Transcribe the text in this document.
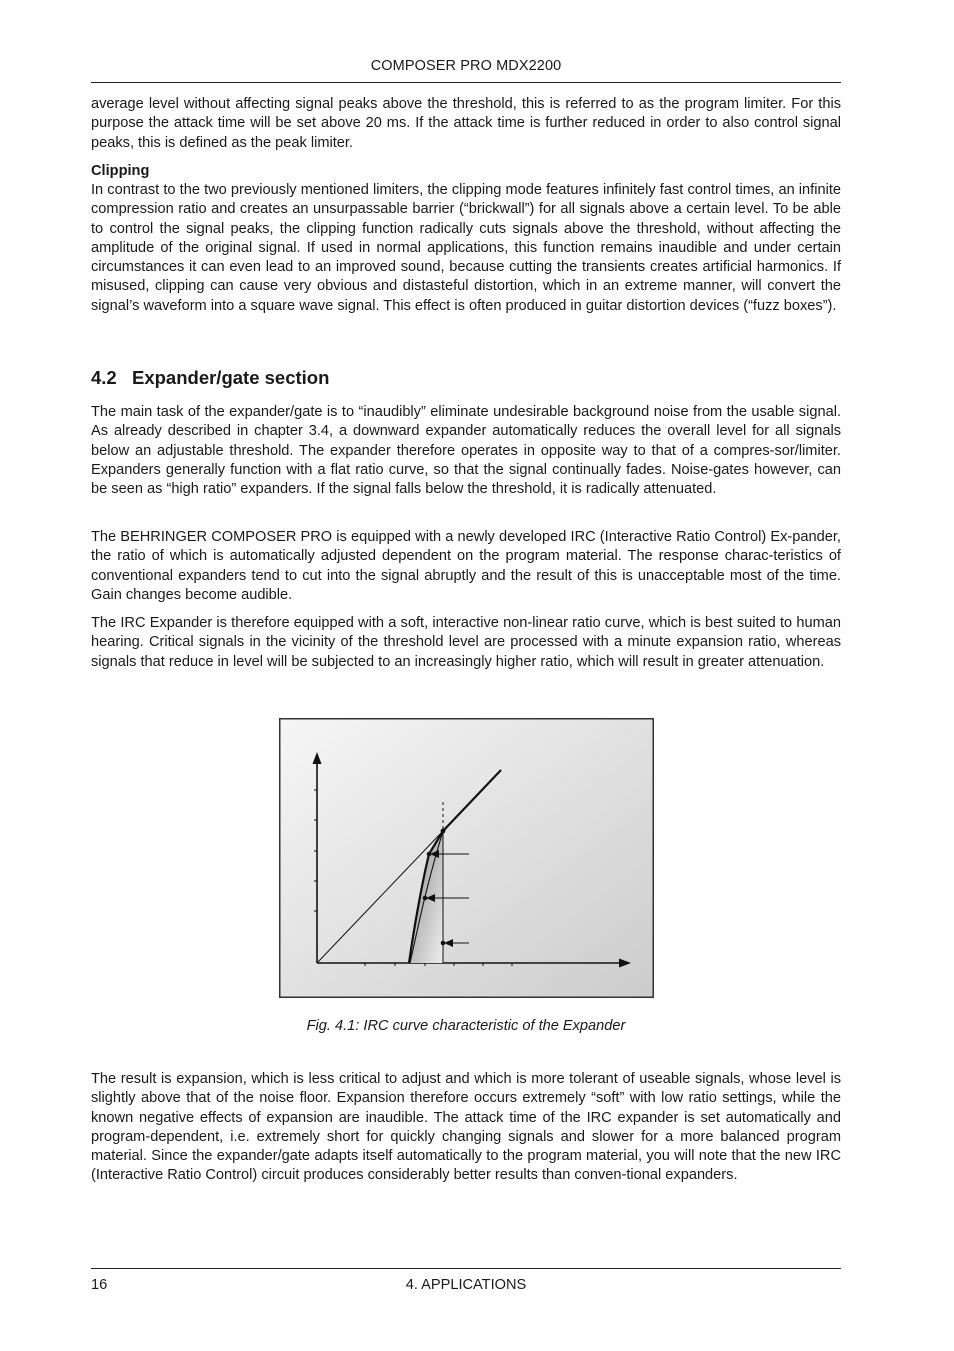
COMPOSER PRO MDX2200

average level without affecting signal peaks above the threshold, this is referred to as the program limiter. For this purpose the attack time will be set above 20 ms. If the attack time is further reduced in order to also control signal peaks, this is defined as the peak limiter.

Clipping

In contrast to the two previously mentioned limiters, the clipping mode features infinitely fast control times, an infinite compression ratio and creates an unsurpassable barrier (“brickwall”) for all signals above a certain level. To be able to control the signal peaks, the clipping function radically cuts signals above the threshold, without affecting the amplitude of the original signal. If used in normal applications, this function remains inaudible and under certain circumstances it can even lead to an improved sound, because cutting the transients creates artificial harmonics. If misused, clipping can cause very obvious and distasteful distortion, which in an extreme manner, will convert the signal’s waveform into a square wave signal. This effect is often produced in guitar distortion devices (“fuzz boxes”).

4.2 Expander/gate section

The main task of the expander/gate is to “inaudibly” eliminate undesirable background noise from the usable signal. As already described in chapter 3.4, a downward expander automatically reduces the overall level for all signals below an adjustable threshold. The expander therefore operates in opposite way to that of a compres-sor/limiter. Expanders generally function with a flat ratio curve, so that the signal continually fades. Noise-gates however, can be seen as “high ratio” expanders. If the signal falls below the threshold, it is radically attenuated.

The BEHRINGER COMPOSER PRO is equipped with a newly developed IRC (Interactive Ratio Control) Ex-pander, the ratio of which is automatically adjusted dependent on the program material. The response charac-teristics of conventional expanders tend to cut into the signal abruptly and the result of this is unacceptable most of the time. Gain changes become audible.

The IRC Expander is therefore equipped with a soft, interactive non-linear ratio curve, which is best suited to human hearing. Critical signals in the vicinity of the threshold level are processed with a minute expansion ratio, whereas signals that reduce in level will be subjected to an increasingly higher ratio, which will result in greater attenuation.

Fig. 4.1: IRC curve characteristic of the Expander

The result is expansion, which is less critical to adjust and which is more tolerant of useable signals, whose level is slightly above that of the noise floor. Expansion therefore occurs extremely “soft” with low ratio settings, while the known negative effects of expansion are inaudible. The attack time of the IRC expander is set automatically and program-dependent, i.e. extremely short for quickly changing signals and slower for a more balanced program material. Since the expander/gate adapts itself automatically to the program material, you will note that the new IRC (Interactive Ratio Control) circuit produces considerably better results than conven-tional expanders.

16	4. APPLICATIONS
